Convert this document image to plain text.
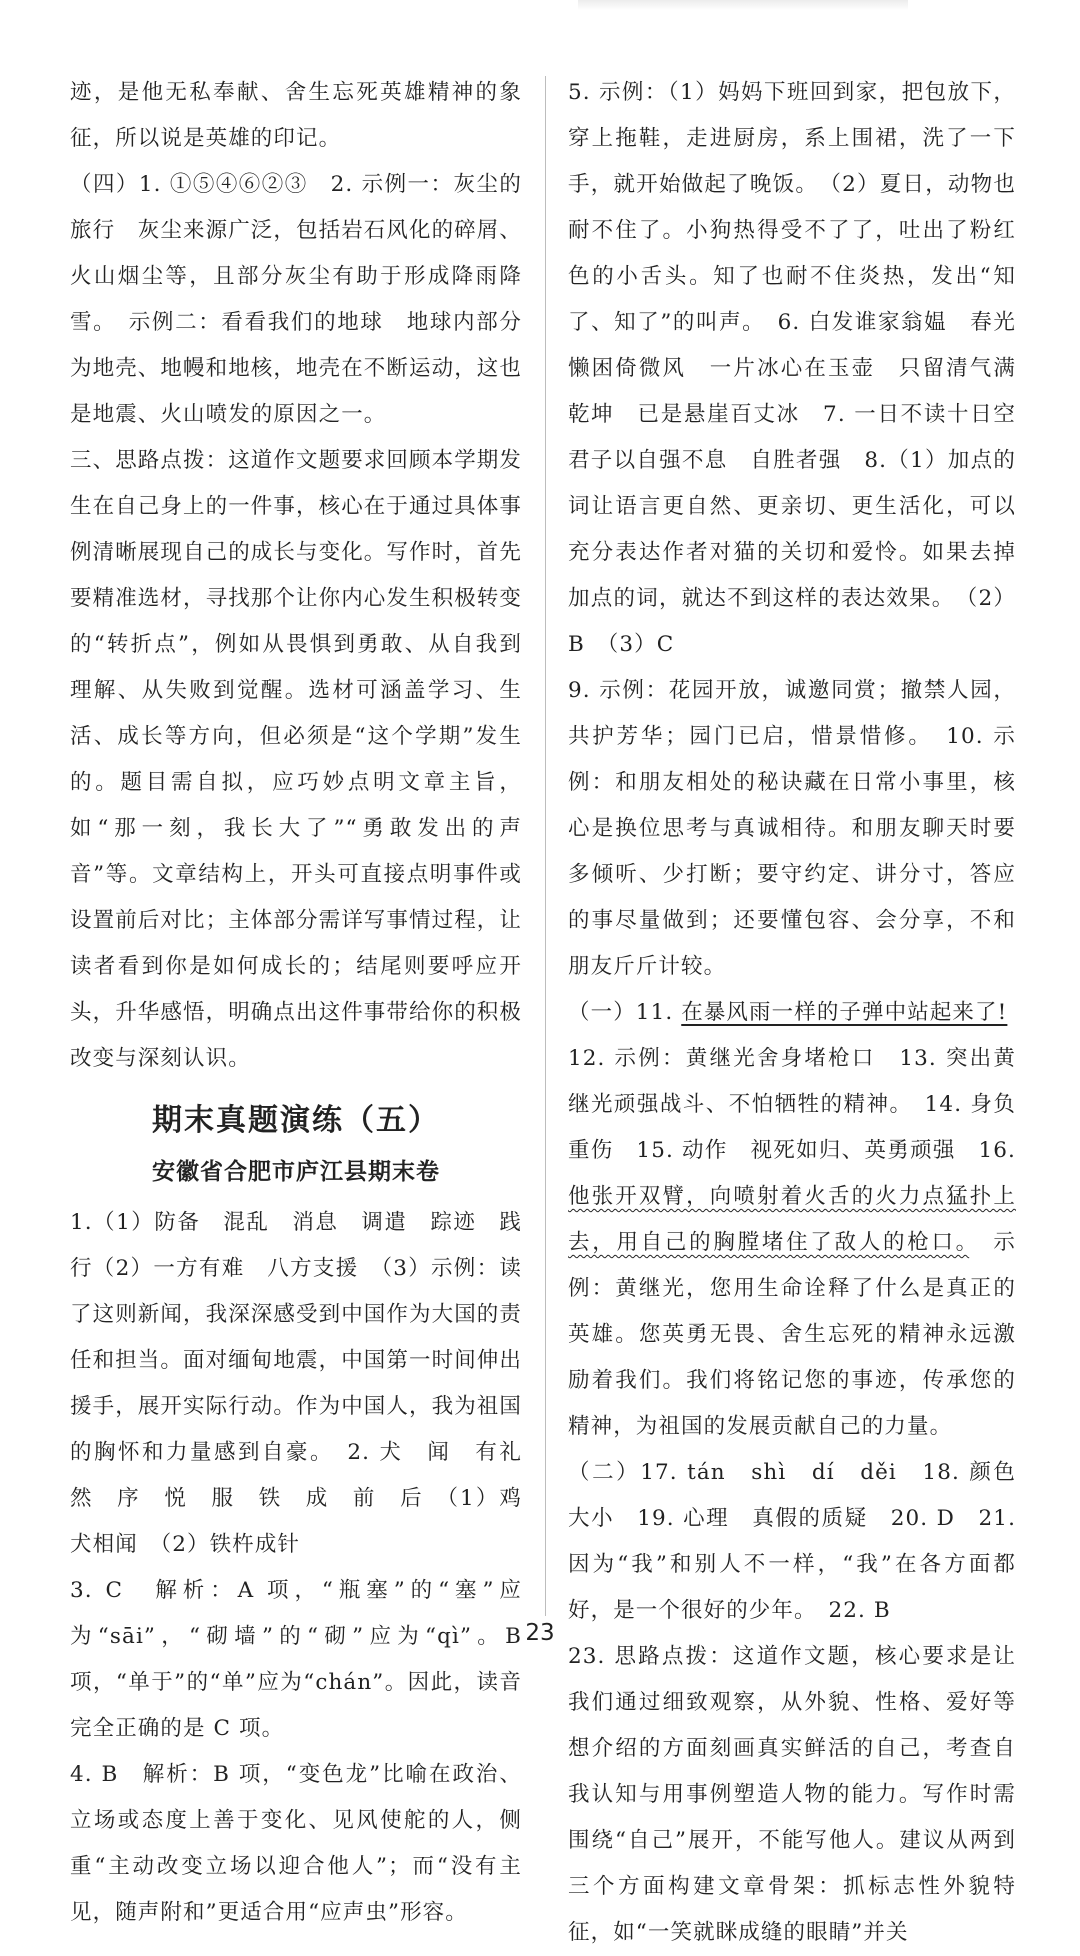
迹，是他无私奉献、舍生忘死英雄精神的象征，所以说是英雄的印记。

（四）1. ①⑤④⑥②③　2. 示例一：灰尘的旅行　灰尘来源广泛，包括岩石风化的碎屑、火山烟尘等，且部分灰尘有助于形成降雨降雪。　示例二：看看我们的地球　地球内部分为地壳、地幔和地核，地壳在不断运动，这也是地震、火山喷发的原因之一。

三、思路点拨：这道作文题要求回顾本学期发生在自己身上的一件事，核心在于通过具体事例清晰展现自己的成长与变化。写作时，首先要精准选材，寻找那个让你内心发生积极转变的“转折点”，例如从畏惧到勇敢、从自我到理解、从失败到觉醒。选材可涵盖学习、生活、成长等方向，但必须是“这个学期”发生的。题目需自拟，应巧妙点明文章主旨，如“那一刻，我长大了”“勇敢发出的声音”等。文章结构上，开头可直接点明事件或设置前后对比；主体部分需详写事情过程，让读者看到你是如何成长的；结尾则要呼应开头，升华感悟，明确点出这件事带给你的积极改变与深刻认识。

期末真题演练（五）
安徽省合肥市庐江县期末卷

1.（1）防备　混乱　消息　调遣　踪迹　践行（2）一方有难　八方支援　（3）示例：读了这则新闻，我深深感受到中国作为大国的责任和担当。面对缅甸地震，中国第一时间伸出援手，展开实际行动。作为中国人，我为祖国的胸怀和力量感到自豪。　2. 犬　闻　有礼　然　序　悦　服　铁　成　前　后　（1）鸡犬相闻　（2）铁杵成针

3. C　解析：A 项，“瓶塞”的“塞”应为“sāi”，“砌墙”的“砌”应为“qì”。B 项，“单于”的“单”应为“chán”。因此，读音完全正确的是 C 项。

4. B　解析：B 项，“变色龙”比喻在政治、立场或态度上善于变化、见风使舵的人，侧重“主动改变立场以迎合他人”；而“没有主见，随声附和”更适合用“应声虫”形容。

5. 示例：（1）妈妈下班回到家，把包放下，穿上拖鞋，走进厨房，系上围裙，洗了一下手，就开始做起了晚饭。　（2）夏日，动物也耐不住了。小狗热得受不了了，吐出了粉红色的小舌头。知了也耐不住炎热，发出“知了、知了”的叫声。　6. 白发谁家翁媪　春光懒困倚微风　一片冰心在玉壶　只留清气满乾坤　已是悬崖百丈冰　7. 一日不读十日空　君子以自强不息　自胜者强　8.（1）加点的词让语言更自然、更亲切、更生活化，可以充分表达作者对猫的关切和爱怜。如果去掉加点的词，就达不到这样的表达效果。　（2）B　（3）C

9. 示例：花园开放，诚邀同赏；撤禁人园，共护芳华；园门已启，惜景惜修。　10. 示例：和朋友相处的秘诀藏在日常小事里，核心是换位思考与真诚相待。和朋友聊天时要多倾听、少打断；要守约定、讲分寸，答应的事尽量做到；还要懂包容、会分享，不和朋友斤斤计较。

（一）11. 在暴风雨一样的子弹中站起来了!

12. 示例：黄继光舍身堵枪口　13. 突出黄继光顽强战斗、不怕牺牲的精神。　14. 身负重伤　15. 动作　视死如归、英勇顽强　16. 他张开双臂，向喷射着火舌的火力点猛扑上去，用自己的胸膛堵住了敌人的枪口。　示例：黄继光，您用生命诠释了什么是真正的英雄。您英勇无畏、舍生忘死的精神永远激励着我们。我们将铭记您的事迹，传承您的精神，为祖国的发展贡献自己的力量。

（二）17. tán　shì　dí　děi　18. 颜色　大小　19. 心理　真假的质疑　20. D　21. 因为“我”和别人不一样，“我”在各方面都好，是一个很好的少年。　22. B

23. 思路点拨：这道作文题，核心要求是让我们通过细致观察，从外貌、性格、爱好等想介绍的方面刻画真实鲜活的自己，考查自我认知与用事例塑造人物的能力。写作时需围绕“自己”展开，不能写他人。建议从两到三个方面构建文章骨架：抓标志性外貌特征，如“一笑就眯成缝的眼睛”并关

23
